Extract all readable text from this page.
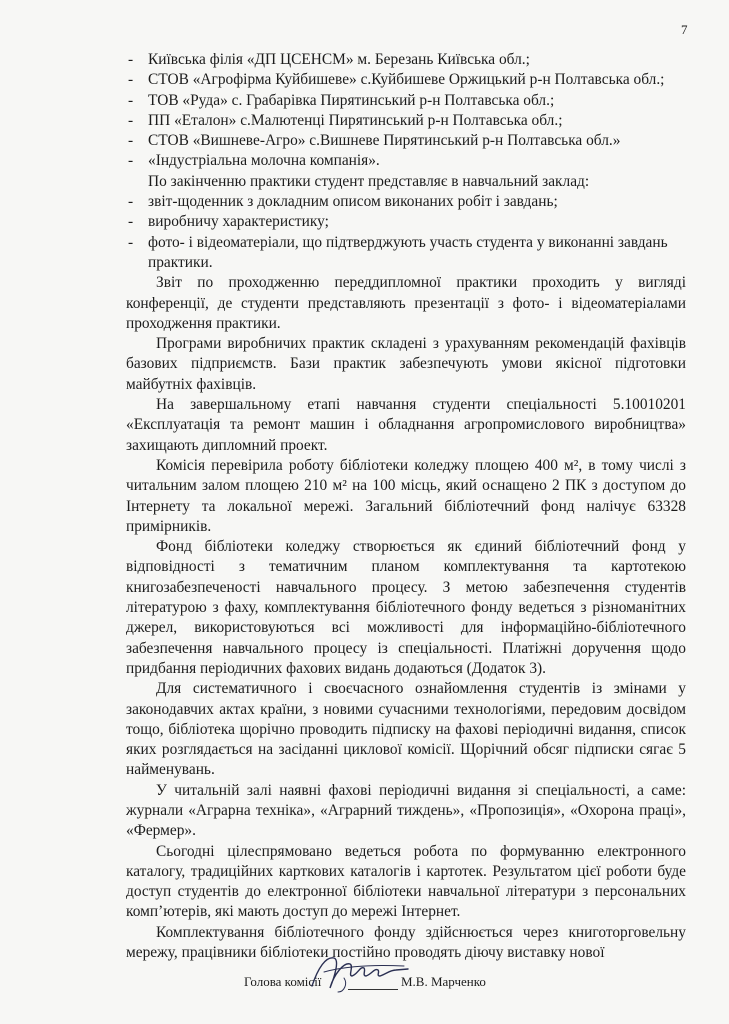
7
- Київська філія «ДП ЦСЕНСМ» м. Березань Київська обл.;
- СТОВ «Агрофірма Куйбишеве» с.Куйбишеве Оржицький р-н Полтавська обл.;
- ТОВ «Руда» с. Грабарівка Пирятинський р-н Полтавська обл.;
- ПП «Еталон» с.Малютенці Пирятинський р-н Полтавська обл.;
- СТОВ «Вишневе-Агро» с.Вишневе Пирятинський р-н Полтавська обл.»
- «Індустріальна молочна компанія».

По закінченню практики студент представляє в навчальний заклад:

- звіт-щоденник з докладним описом виконаних робіт і завдань;
- виробничу характеристику;
- фото- і відеоматеріали, що підтверджують участь студента у виконанні завдань практики.

Звіт по проходженню переддипломної практики проходить у вигляді конференції, де студенти представляють презентації з фото- і відеоматеріалами проходження практики.

Програми виробничих практик складені з урахуванням рекомендацій фахівців базових підприємств. Бази практик забезпечують умови якісної підготовки майбутніх фахівців.

На завершальному етапі навчання студенти спеціальності 5.10010201 «Експлуатація та ремонт машин і обладнання агропромислового виробництва» захищають дипломний проект.

Комісія перевірила роботу бібліотеки коледжу площею 400 м², в тому числі з читальним залом площею 210 м² на 100 місць, який оснащено 2 ПК з доступом до Інтернету та локальної мережі. Загальний бібліотечний фонд налічує 63328 примірників.

Фонд бібліотеки коледжу створюється як єдиний бібліотечний фонд у відповідності з тематичним планом комплектування та картотекою книгозабезпеченості навчального процесу. З метою забезпечення студентів літературою з фаху, комплектування бібліотечного фонду ведеться з різноманітних джерел, використовуються всі можливості для інформаційно-бібліотечного забезпечення навчального процесу із спеціальності. Платіжні доручення щодо придбання періодичних фахових видань додаються (Додаток 3).

Для систематичного і своєчасного ознайомлення студентів із змінами у законодавчих актах країни, з новими сучасними технологіями, передовим досвідом тощо, бібліотека щорічно проводить підписку на фахові періодичні видання, список яких розглядається на засіданні циклової комісії. Щорічний обсяг підписки сягає 5 найменувань.

У читальній залі наявні фахові періодичні видання зі спеціальності, а саме: журнали «Аграрна техніка», «Аграрний тиждень», «Пропозиція», «Охорона праці», «Фермер».

Сьогодні цілеспрямовано ведеться робота по формуванню електронного каталогу, традиційних карткових каталогів і картотек. Результатом цієї роботи буде доступ студентів до електронної бібліотеки навчальної літератури з персональних комп’ютерів, які мають доступ до мережі Інтернет.

Комплектування бібліотечного фонду здійснюється через книготорговельну мережу, працівники бібліотеки постійно проводять діючу виставку нової

Голова комісії	М.В. Марченко
